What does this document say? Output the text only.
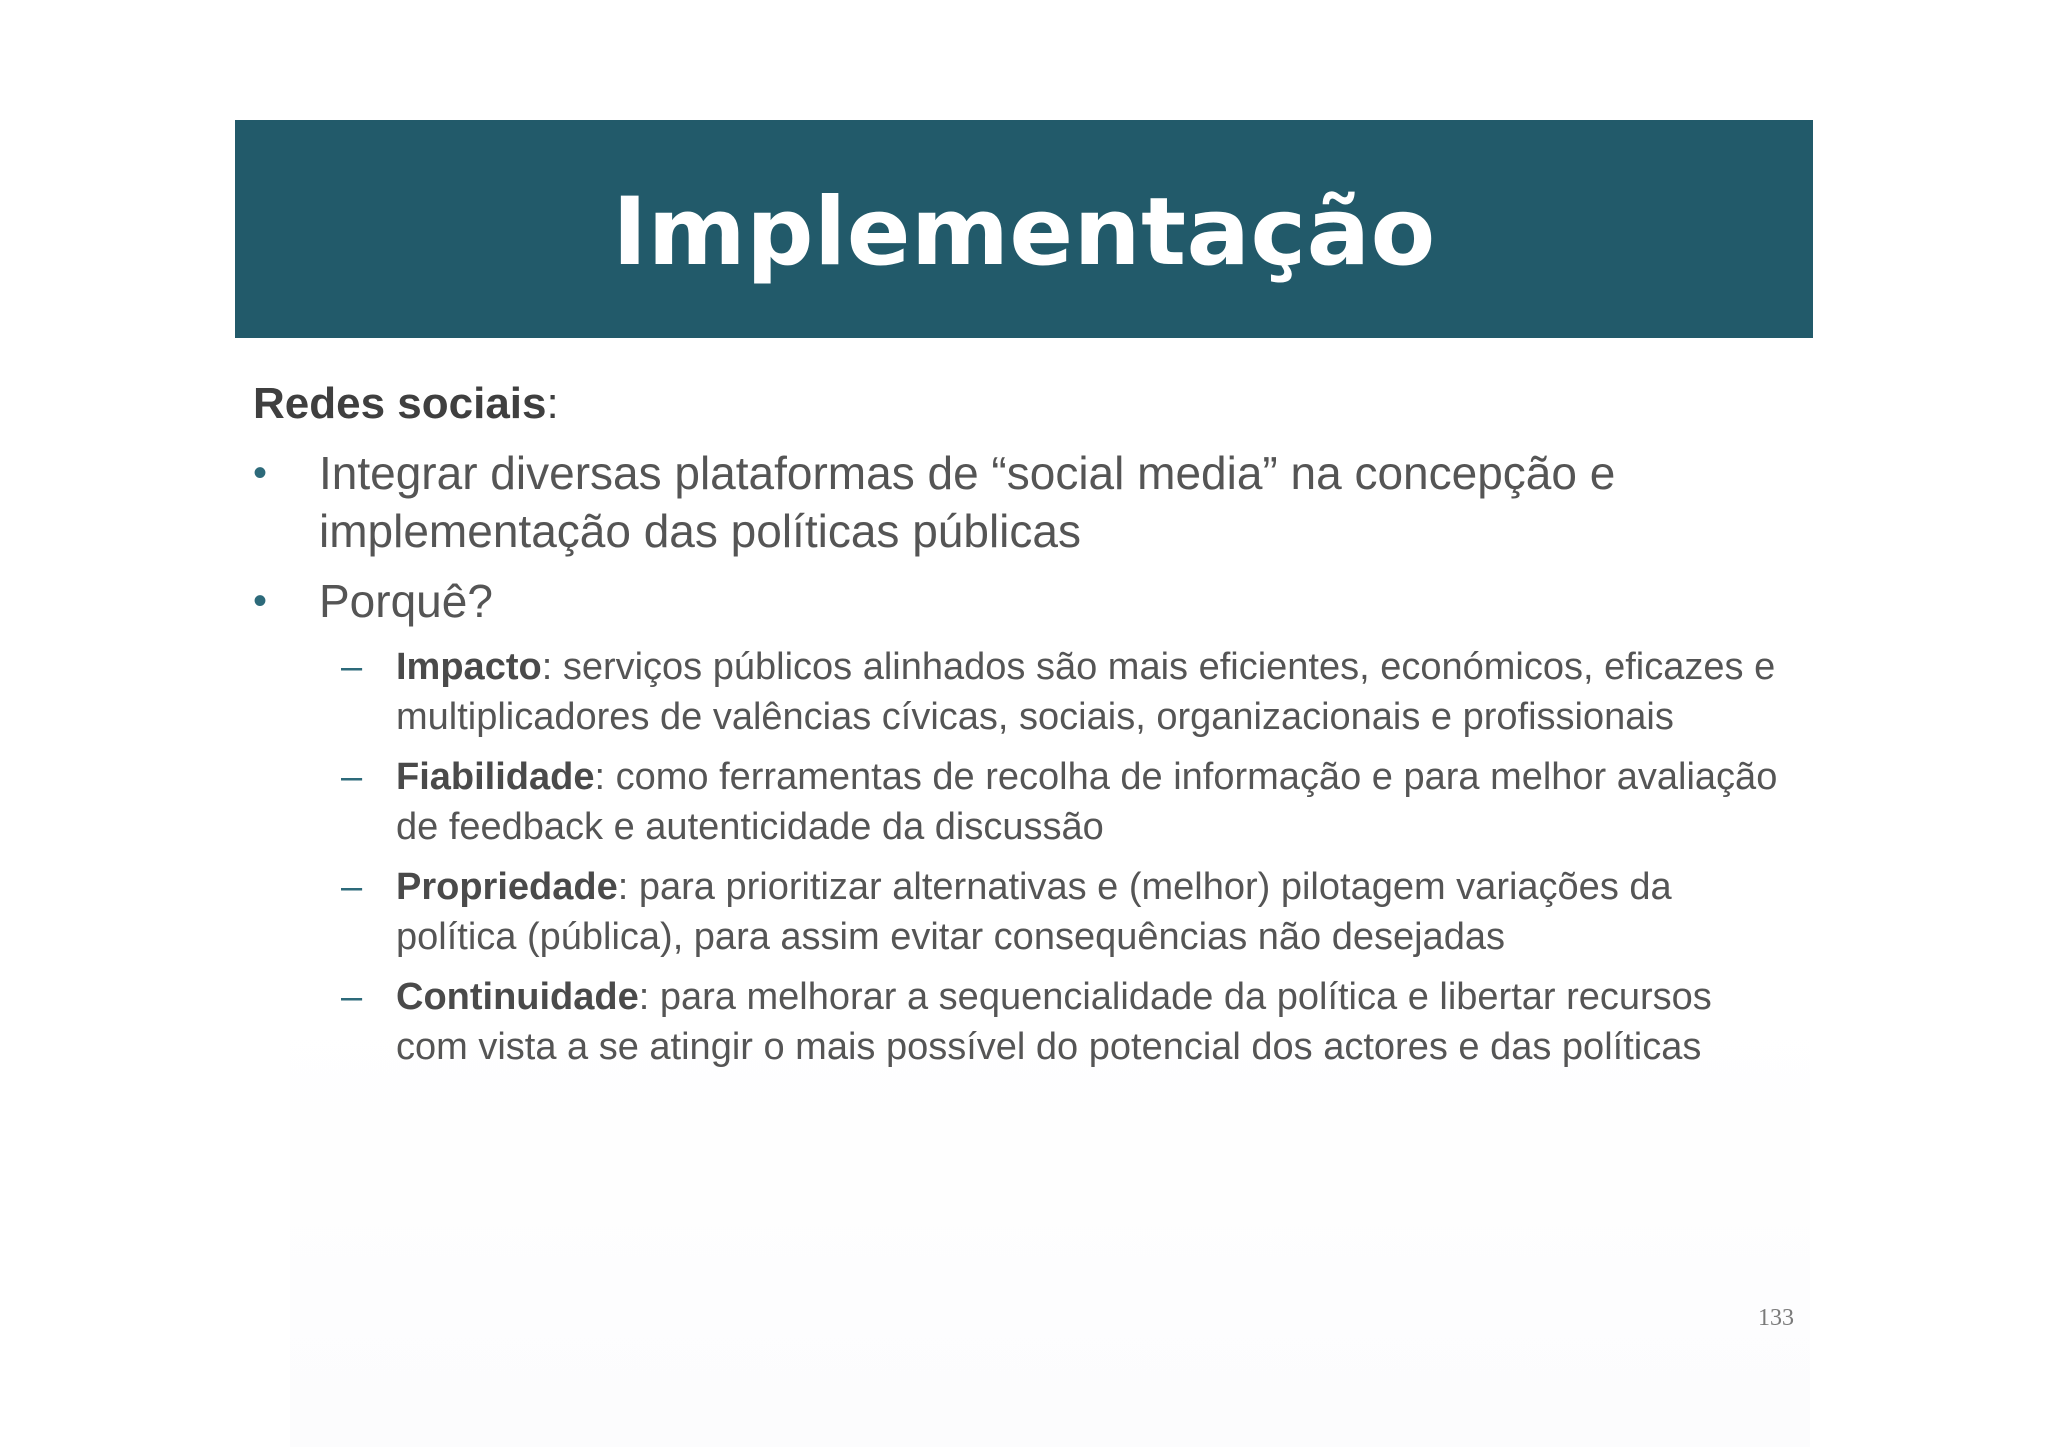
Implementação
Redes sociais:
• Integrar diversas plataformas de “social media” na concepção e implementação das políticas públicas
• Porquê?
– Impacto: serviços públicos alinhados são mais eficientes, económicos, eficazes e multiplicadores de valências cívicas, sociais, organizacionais e profissionais
– Fiabilidade: como ferramentas de recolha de informação e para melhor avaliação de feedback e autenticidade da discussão
– Propriedade: para prioritizar alternativas e (melhor) pilotagem variações da política (pública), para assim evitar consequências não desejadas
– Continuidade: para melhorar a sequencialidade da política e libertar recursos com vista a se atingir o mais possível do potencial dos actores e das políticas
133
